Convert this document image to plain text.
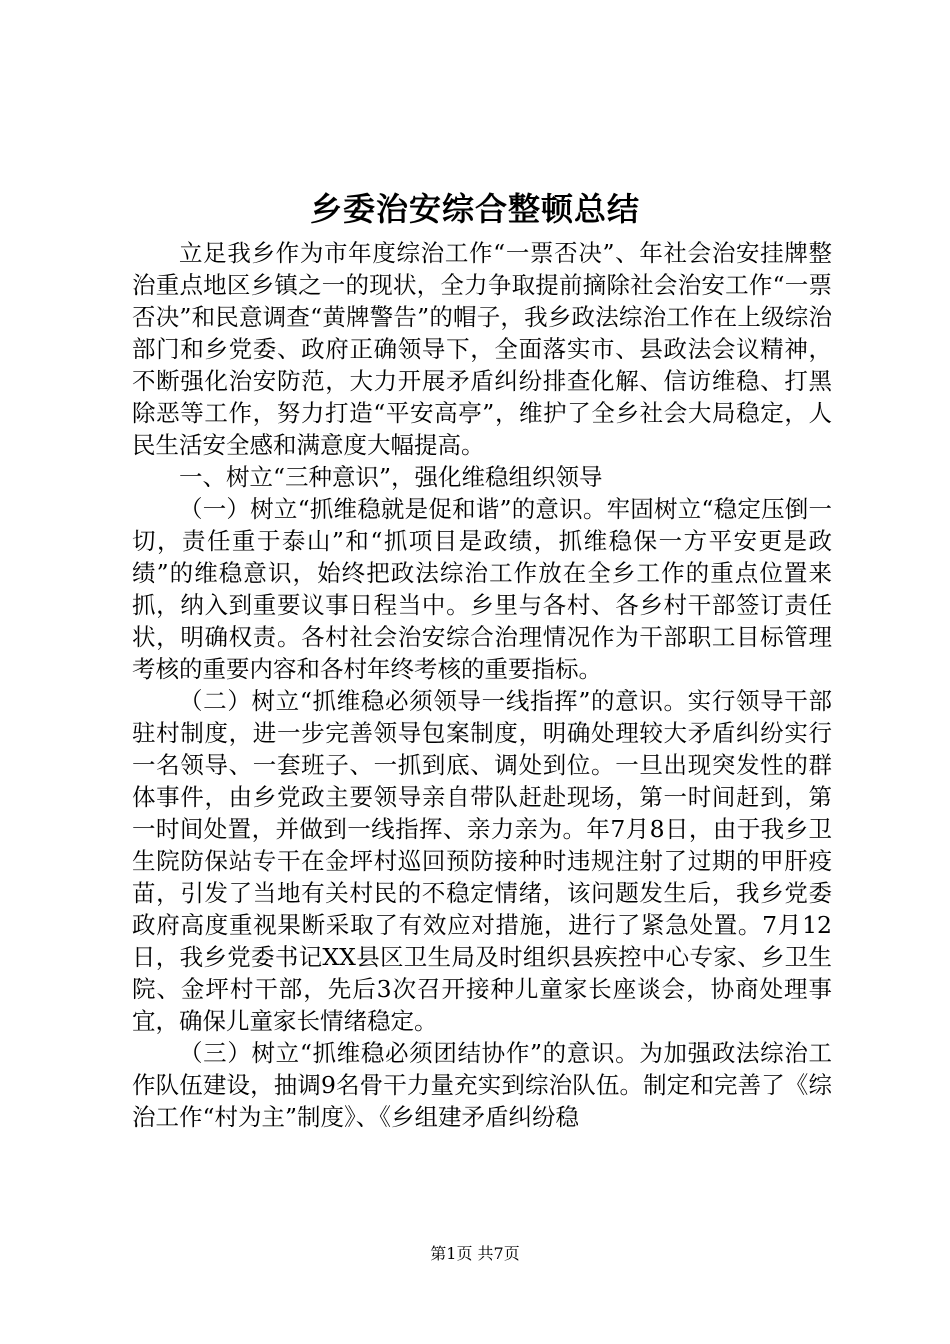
乡委治安综合整顿总结

立足我乡作为市年度综治工作“一票否决”、年社会治安挂牌整治重点地区乡镇之一的现状，全力争取提前摘除社会治安工作“一票否决”和民意调查“黄牌警告”的帽子，我乡政法综治工作在上级综治部门和乡党委、政府正确领导下，全面落实市、县政法会议精神，不断强化治安防范，大力开展矛盾纠纷排查化解、信访维稳、打黑除恶等工作，努力打造“平安高亭”，维护了全乡社会大局稳定，人民生活安全感和满意度大幅提高。

一、树立“三种意识”，强化维稳组织领导

（一）树立“抓维稳就是促和谐”的意识。牢固树立“稳定压倒一切，责任重于泰山”和“抓项目是政绩，抓维稳保一方平安更是政绩”的维稳意识，始终把政法综治工作放在全乡工作的重点位置来抓，纳入到重要议事日程当中。乡里与各村、各乡村干部签订责任状，明确权责。各村社会治安综合治理情况作为干部职工目标管理考核的重要内容和各村年终考核的重要指标。

（二）树立“抓维稳必须领导一线指挥”的意识。实行领导干部驻村制度，进一步完善领导包案制度，明确处理较大矛盾纠纷实行一名领导、一套班子、一抓到底、调处到位。一旦出现突发性的群体事件，由乡党政主要领导亲自带队赶赴现场，第一时间赶到，第一时间处置，并做到一线指挥、亲力亲为。年7月8日，由于我乡卫生院防保站专干在金坪村巡回预防接种时违规注射了过期的甲肝疫苗，引发了当地有关村民的不稳定情绪，该问题发生后，我乡党委政府高度重视果断采取了有效应对措施，进行了紧急处置。7月12日，我乡党委书记XX县区卫生局及时组织县疾控中心专家、乡卫生院、金坪村干部，先后3次召开接种儿童家长座谈会，协商处理事宜，确保儿童家长情绪稳定。

（三）树立“抓维稳必须团结协作”的意识。为加强政法综治工作队伍建设，抽调9名骨干力量充实到综治队伍。制定和完善了《综治工作“村为主”制度》、《乡组建矛盾纠纷稳

第1页 共7页
